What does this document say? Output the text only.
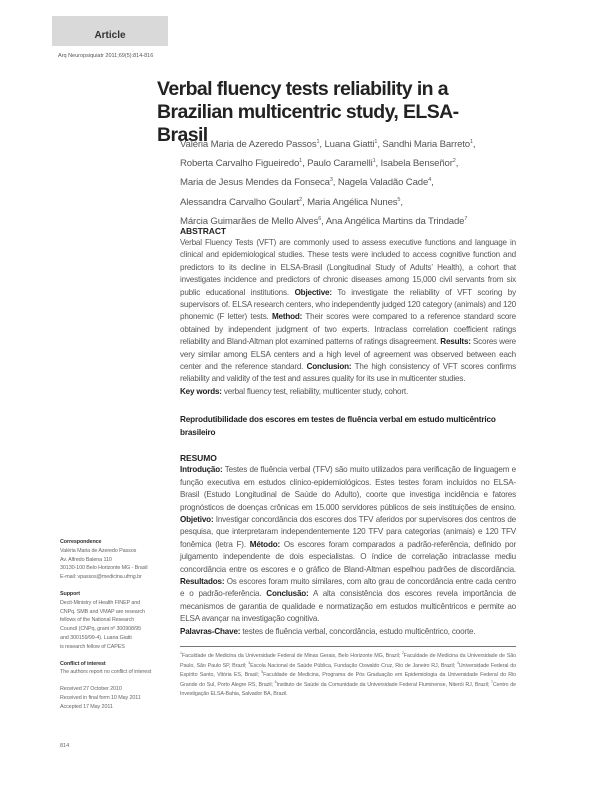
Article
Arq Neuropsiquiatr 2011;69(5):814-816
Verbal fluency tests reliability in a
Brazilian multicentric study, ELSA-Brasil
Valéria Maria de Azeredo Passos$^1$, Luana Giatti$^1$, Sandhi Maria Barreto$^1$,
Roberta Carvalho Figueiredo$^1$, Paulo Caramelli$^1$, Isabela Benseñor$^2$,
Maria de Jesus Mendes da Fonseca$^3$, Nagela Valadão Cade$^4$,
Alessandra Carvalho Goulart$^2$, Maria Angélica Nunes$^5$,
Márcia Guimarães de Mello Alves$^6$, Ana Angélica Martins da Trindade$^7$
ABSTRACT
Verbal Fluency Tests (VFT) are commonly used to assess executive functions and language in clinical and epidemiological studies. These tests were included to access cognitive function and predictors to its decline in ELSA-Brasil (Longitudinal Study of Adults’ Health), a cohort that investigates incidence and predictors of chronic diseases among 15,000 civil servants from six public educational institutions. Objective: To investigate the reliability of VFT scoring by supervisors of. ELSA research centers, who independently judged 120 category (animals) and 120 phonemic (F letter) tests. Method: Their scores were compared to a reference standard score obtained by independent judgment of two experts. Intraclass correlation coefficient ratings reliability and Bland-Altman plot examined patterns of ratings disagreement. Results: Scores were very similar among ELSA centers and a high level of agreement was observed between each center and the reference standard. Conclusion: The high consistency of VFT scores confirms reliability and validity of the test and assures quality for its use in multicenter studies.
Key words: verbal fluency test, reliability, multicenter study, cohort.
Reprodutibilidade dos escores em testes de fluência verbal em estudo multicêntrico brasileiro
RESUMO
Introdução: Testes de fluência verbal (TFV) são muito utilizados para verificação de linguagem e função executiva em estudos clínico-epidemiológicos. Estes testes foram incluídos no ELSA-Brasil (Estudo Longitudinal de Saúde do Adulto), coorte que investiga incidência e fatores prognósticos de doenças crônicas em 15.000 servidores públicos de seis instituições de ensino. Objetivo: Investigar concordância dos escores dos TFV aferidos por supervisores dos centros de pesquisa, que interpretaram independentemente 120 TFV para categorias (animais) e 120 TFV fonêmica (letra F). Método: Os escores foram comparados a padrão-referência, definido por julgamento independente de dois especialistas. O índice de correlação intraclasse mediu concordância entre os escores e o gráfico de Bland-Altman espelhou padrões de discordância. Resultados: Os escores foram muito similares, com alto grau de concordância entre cada centro e o padrão-referência. Conclusão: A alta consistência dos escores revela importância de mecanismos de garantia de qualidade e normatização em estudos multicêntricos e permite ao ELSA avançar na investigação cognitiva.
Palavras-Chave: testes de fluência verbal, concordância, estudo multicêntrico, coorte.
$^1$Faculdade de Medicina da Universidade Federal de Minas Gerais, Belo Horizonte MG, Brazil; $^2$Faculdade de Medicina da Universidade de São Paulo, São Paulo SP, Brazil; $^3$Escola Nacional de Saúde Pública, Fundação Oswaldo Cruz, Rio de Janeiro RJ, Brazil; $^4$Universidade Federal do Espírito Santo, Vitória ES, Brasil; $^5$Faculdade de Medicina, Programa de Pós Graduação em Epidemiologia da Universidade Federal do Rio Grande do Sul, Porto Alegre RS, Brazil; $^6$Instituto de Saúde da Comunidade da Universidade Federal Fluminense, Niterói RJ, Brazil; $^7$Centro de Investigação ELSA-Bahia, Salvador BA, Brazil.
Correspondence
Valéria Maria de Azeredo Passos
Av. Alfredo Balena 110
30130-100 Belo Horizonte MG - Brasil
E-mail: vpassos@medicina.ufmg.br
Support
Decit-Ministry of Health FINEP and
CNPq. SMB and VMAP are research
fellows of the National Research
Council (CNPq, grant nº 300908/95
and 300159/99-4). Luana Giatti
is research fellow of CAPES
Conflict of interest
The authors report no conflict of interest
Received 27 October 2010
Received in final form 10 May 2011
Accepted 17 May 2011
814
